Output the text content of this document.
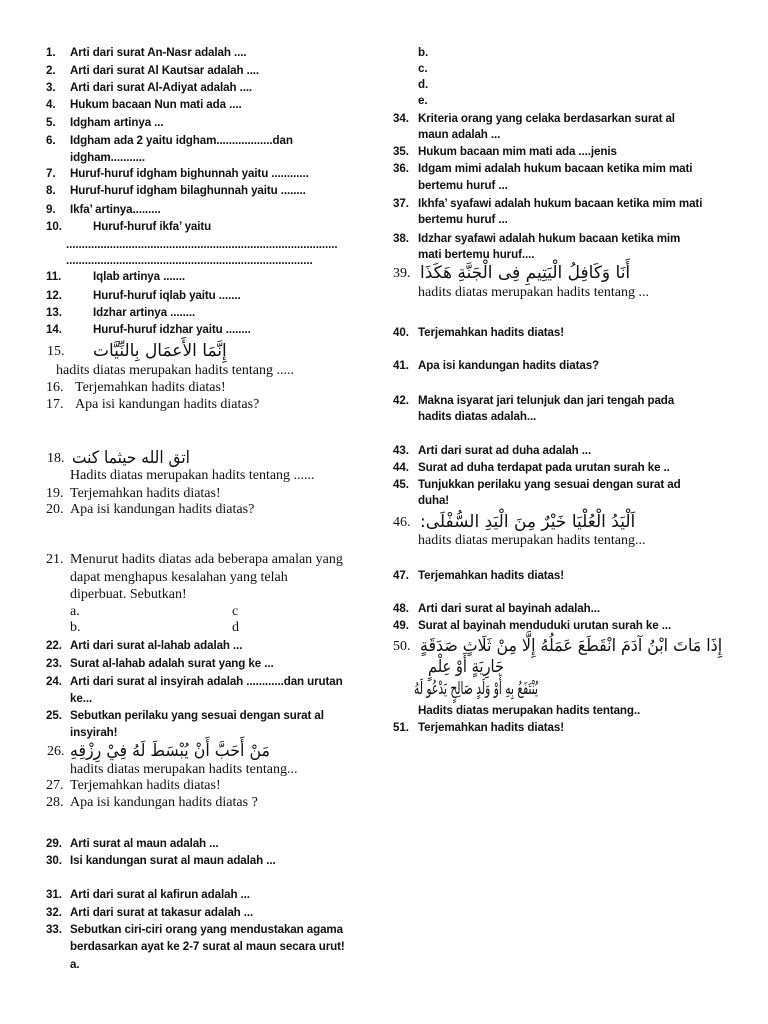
1. Arti dari surat An-Nasr adalah ....
2. Arti dari surat Al Kautsar adalah ....
3. Arti dari surat Al-Adiyat adalah ....
4. Hukum bacaan Nun mati ada ....
5. Idgham artinya ...
6. Idgham ada 2 yaitu idgham..................dan
idgham...........
7. Huruf-huruf idgham bighunnah yaitu ............
8. Huruf-huruf idgham bilaghunnah yaitu ........
9. Ikfa’ artinya.........
10.	Huruf-huruf ikfa’ yaitu
.......................................................................................
...............................................................................
11.	Iqlab artinya .......
12.	Huruf-huruf iqlab yaitu .......
13.	Idzhar artinya ........
14.	Huruf-huruf idzhar yaitu ........
15. إِنَّمَا الأَعمَال بِالنِّيَّات
hadits diatas merupakan hadits tentang .....
16. Terjemahkan hadits diatas!
17. Apa isi kandungan hadits diatas?
18. اتق الله حيثما كنت
Hadits diatas merupakan hadits tentang ......
19. Terjemahkan hadits diatas!
20. Apa isi kandungan hadits diatas?
21. Menurut hadits diatas ada beberapa amalan yang
dapat menghapus kesalahan yang telah
diperbuat. Sebutkan!
a.	c
b.	d
22. Arti dari surat al-lahab adalah ...
23. Surat al-lahab adalah surat yang ke ...
24. Arti dari surat al insyirah adalah ............dan urutan
ke...
25. Sebutkan perilaku yang sesuai dengan surat al
insyirah!
26. مَنْ أَحَبَّ أَنْ يُبْسَطَ لَهُ فِيْ رِزْقِهِ
hadits diatas merupakan hadits tentang...
27. Terjemahkan hadits diatas!
28. Apa isi kandungan hadits diatas ?
29. Arti surat al maun adalah ...
30. Isi kandungan surat al maun adalah ...
31. Arti dari surat al kafirun adalah ...
32. Arti dari surat at takasur adalah ...
33. Sebutkan ciri-ciri orang yang mendustakan agama
berdasarkan ayat ke 2-7 surat al maun secara urut!
a.
b.
c.
d.
e.
34. Kriteria orang yang celaka berdasarkan surat al
maun adalah ...
35. Hukum bacaan mim mati ada ....jenis
36. Idgam mimi adalah hukum bacaan ketika mim mati
bertemu huruf ...
37. Ikhfa’ syafawi adalah hukum bacaan ketika mim mati
bertemu huruf ...
38. Idzhar syafawi adalah hukum bacaan ketika mim
mati bertemu huruf....
39. أَنَا وَكَافِلُ الْيَتِيمِ فِى الْجَنَّةِ هَكَذَا
hadits diatas merupakan hadits tentang ...
40. Terjemahkan hadits diatas!
41. Apa isi kandungan hadits diatas?
42. Makna isyarat jari telunjuk dan jari tengah pada
hadits diatas adalah...
43. Arti dari surat ad duha adalah ...
44. Surat ad duha terdapat pada urutan surah ke ..
45. Tunjukkan perilaku yang sesuai dengan surat ad
duha!
46. اَلْيَدُ الْعُلْيَا خَيْرٌ مِنَ الْيَدِ السُّفْلَى:
hadits diatas merupakan hadits tentang...
47. Terjemahkan hadits diatas!
48. Arti dari surat al bayinah adalah...
49. Surat al bayinah menduduki urutan surah ke ...
50. إِذَا مَاتَ ابْنُ آدَمَ انْقَطَعَ عَمَلُهُ إِلَّا مِنْ ثَلَاثٍ صَدَقَةٍ
جَارِيَةٍ أَوْ عِلْمٍ
يُنْتَفَعُ بِهِ أَوْ وَلَدٍ صَالِحٍ يَدْعُو لَهُ
Hadits diatas merupakan hadits tentang..
51. Terjemahkan hadits diatas!
